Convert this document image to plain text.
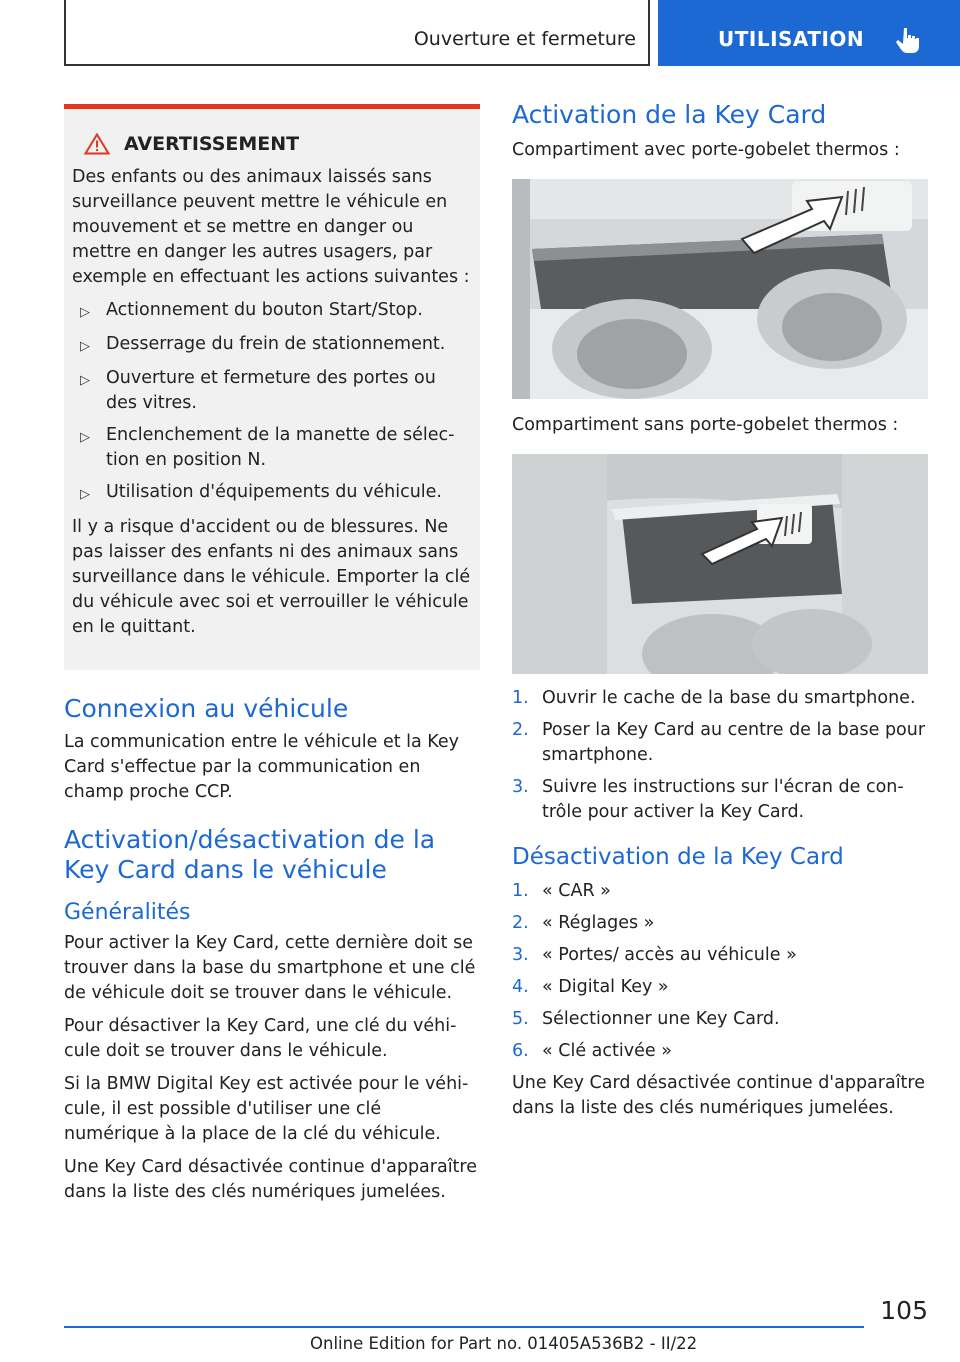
Ouverture et fermeture	UTILISATION
AVERTISSEMENT

Des enfants ou des animaux laissés sans surveillance peuvent mettre le véhicule en mouvement et se mettre en danger ou mettre en danger les autres usagers, par exemple en effectuant les actions suivantes :

▷ Actionnement du bouton Start/Stop.
▷ Desserrage du frein de stationnement.
▷ Ouverture et fermeture des portes ou des vitres.
▷ Enclenchement de la manette de sélec-tion en position N.
▷ Utilisation d'équipements du véhicule.

Il y a risque d'accident ou de blessures. Ne pas laisser des enfants ni des animaux sans surveillance dans le véhicule. Emporter la clé du véhicule avec soi et verrouiller le véhicule en le quittant.

Connexion au véhicule

La communication entre le véhicule et la Key Card s'effectue par la communication en champ proche CCP.

Activation/désactivation de la Key Card dans le véhicule
Généralités

Pour activer la Key Card, cette dernière doit se trouver dans la base du smartphone et une clé de véhicule doit se trouver dans le véhicule.

Pour désactiver la Key Card, une clé du véhi-cule doit se trouver dans le véhicule.

Si la BMW Digital Key est activée pour le véhi-cule, il est possible d'utiliser une clé numérique à la place de la clé du véhicule.

Une Key Card désactivée continue d'apparaître dans la liste des clés numériques jumelées.

Activation de la Key Card

Compartiment avec porte-gobelet thermos :

Compartiment sans porte-gobelet thermos :

1. Ouvrir le cache de la base du smartphone.
2. Poser la Key Card au centre de la base pour smartphone.
3. Suivre les instructions sur l'écran de con-trôle pour activer la Key Card.
Désactivation de la Key Card
1. « CAR »
2. « Réglages »
3. « Portes/ accès au véhicule »
4. « Digital Key »
5. Sélectionner une Key Card.
6. « Clé activée »

Une Key Card désactivée continue d'apparaître dans la liste des clés numériques jumelées.

105
Online Edition for Part no. 01405A536B2 - II/22
